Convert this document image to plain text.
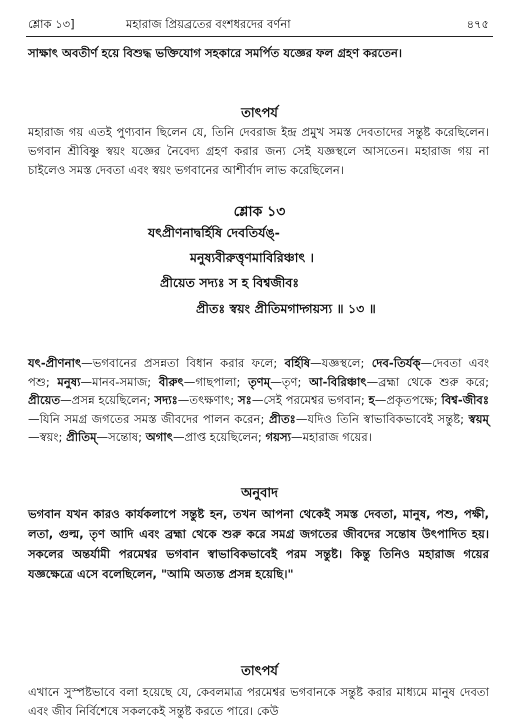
শ্লোক ১৩]	মহারাজ প্রিয়ব্রতের বংশধরদের বর্ণনা	৪৭৫
সাক্ষাৎ অবতীর্ণ হয়ে বিশুদ্ধ ভক্তিযোগ সহকারে সমর্পিত যজ্ঞের ফল গ্রহণ করতেন।
তাৎপর্য
মহারাজ গয় এতই পুণ্যবান ছিলেন যে, তিনি দেবরাজ ইন্দ্র প্রমুখ সমস্ত দেবতাদের সন্তুষ্ট করেছিলেন। ভগবান শ্রীবিষ্ণু স্বয়ং যজ্ঞের নৈবেদ্য গ্রহণ করার জন্য সেই যজ্ঞস্থলে আসতেন। মহারাজ গয় না চাইলেও সমস্ত দেবতা এবং স্বয়ং ভগবানের আশীর্বাদ লাভ করেছিলেন।
শ্লোক ১৩
যৎপ্রীণনাদ্বর্হিষি দেবতির্যঙ্-
মনুষ্যবীরুত্তৃণমাবিরিঞ্চাৎ ।
প্রীয়েত সদ্যঃ স হ বিশ্বজীবঃ
প্রীতঃ স্বয়ং প্রীতিমগাদ্গয়স্য ॥ ১৩ ॥
যৎ-প্রীণনাৎ—ভগবানের প্রসন্নতা বিধান করার ফলে; বর্হিষি—যজ্ঞস্থলে; দেব-তির্যক্—দেবতা এবং পশু; মনুষ্য—মানব-সমাজ; বীরুৎ—গাছপালা; তৃণম্—তৃণ; আ-বিরিঞ্চাৎ—ব্রহ্মা থেকে শুরু করে; প্রীয়েত—প্রসন্ন হয়েছিলেন; সদ্যঃ—তৎক্ষণাৎ; সঃ—সেই পরমেশ্বর ভগবান; হ—প্রকৃতপক্ষে; বিশ্ব-জীবঃ—যিনি সমগ্র জগতের সমস্ত জীবদের পালন করেন; প্রীতঃ—যদিও তিনি স্বাভাবিকভাবেই সন্তুষ্ট; স্বয়ম্—স্বয়ং; প্রীতিম্—সন্তোষ; অগাৎ—প্রাপ্ত হয়েছিলেন; গয়স্য—মহারাজ গয়ের।
অনুবাদ
ভগবান যখন কারও কার্যকলাপে সন্তুষ্ট হন, তখন আপনা থেকেই সমস্ত দেবতা, মানুষ, পশু, পক্ষী, লতা, গুল্ম, তৃণ আদি এবং ব্রহ্মা থেকে শুরু করে সমগ্র জগতের জীবদের সন্তোষ উৎপাদিত হয়। সকলের অন্তর্যামী পরমেশ্বর ভগবান স্বাভাবিকভাবেই পরম সন্তুষ্ট। কিন্তু তিনিও মহারাজ গয়ের যজ্ঞক্ষেত্রে এসে বলেছিলেন, "আমি অত্যন্ত প্রসন্ন হয়েছি।"
তাৎপর্য
এখানে সুস্পষ্টভাবে বলা হয়েছে যে, কেবলমাত্র পরমেশ্বর ভগবানকে সন্তুষ্ট করার মাধ্যমে মানুষ দেবতা এবং জীব নির্বিশেষে সকলকেই সন্তুষ্ট করতে পারে। কেউ
